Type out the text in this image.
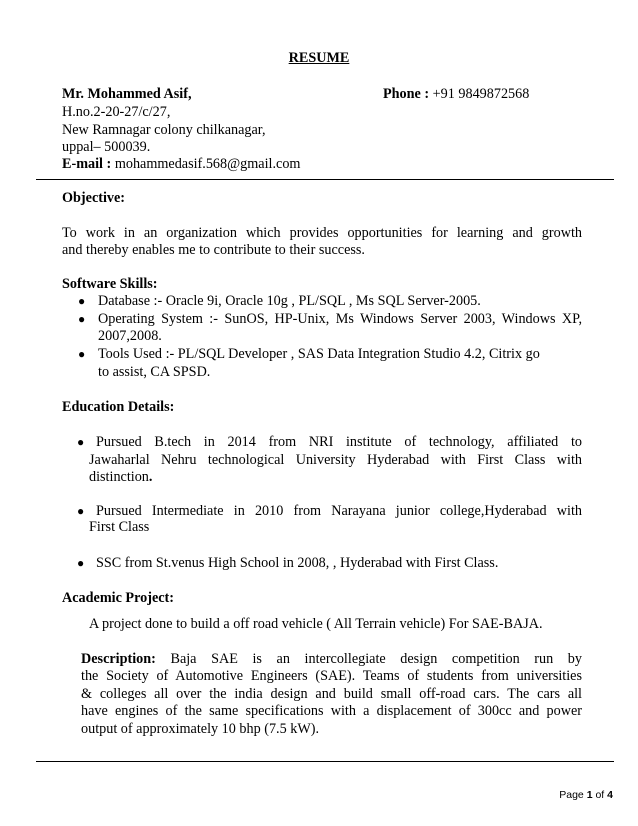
RESUME
Mr. Mohammed Asif,	Phone : +91 9849872568
H.no.2-20-27/c/27,
New Ramnagar colony chilkanagar,
uppal– 500039.
E-mail : mohammedasif.568@gmail.com
Objective:
To work in an organization which provides opportunities for learning and growth
and thereby enables me to contribute to their success.
Software Skills:
● Database :- Oracle 9i, Oracle 10g , PL/SQL , Ms SQL Server-2005.
● Operating System :- SunOS, HP-Unix, Ms Windows Server 2003, Windows XP,
2007,2008.
● Tools Used :- PL/SQL Developer , SAS Data Integration Studio 4.2, Citrix go
to assist, CA SPSD.
Education Details:
● Pursued B.tech in 2014 from NRI institute of technology, affiliated to
Jawaharlal Nehru technological University Hyderabad with First Class with
distinction.
● Pursued Intermediate in 2010 from Narayana junior college,Hyderabad with
First Class
● SSC from St.venus High School in 2008, , Hyderabad with First Class.
Academic Project:
A project done to build a off road vehicle ( All Terrain vehicle) For SAE-BAJA.
Description: Baja SAE is an intercollegiate design competition run by
the Society of Automotive Engineers (SAE). Teams of students from universities
& colleges all over the india design and build small off-road cars. The cars all
have engines of the same specifications with a displacement of 300cc and power
output of approximately 10 bhp (7.5 kW).
Page 1 of 4
